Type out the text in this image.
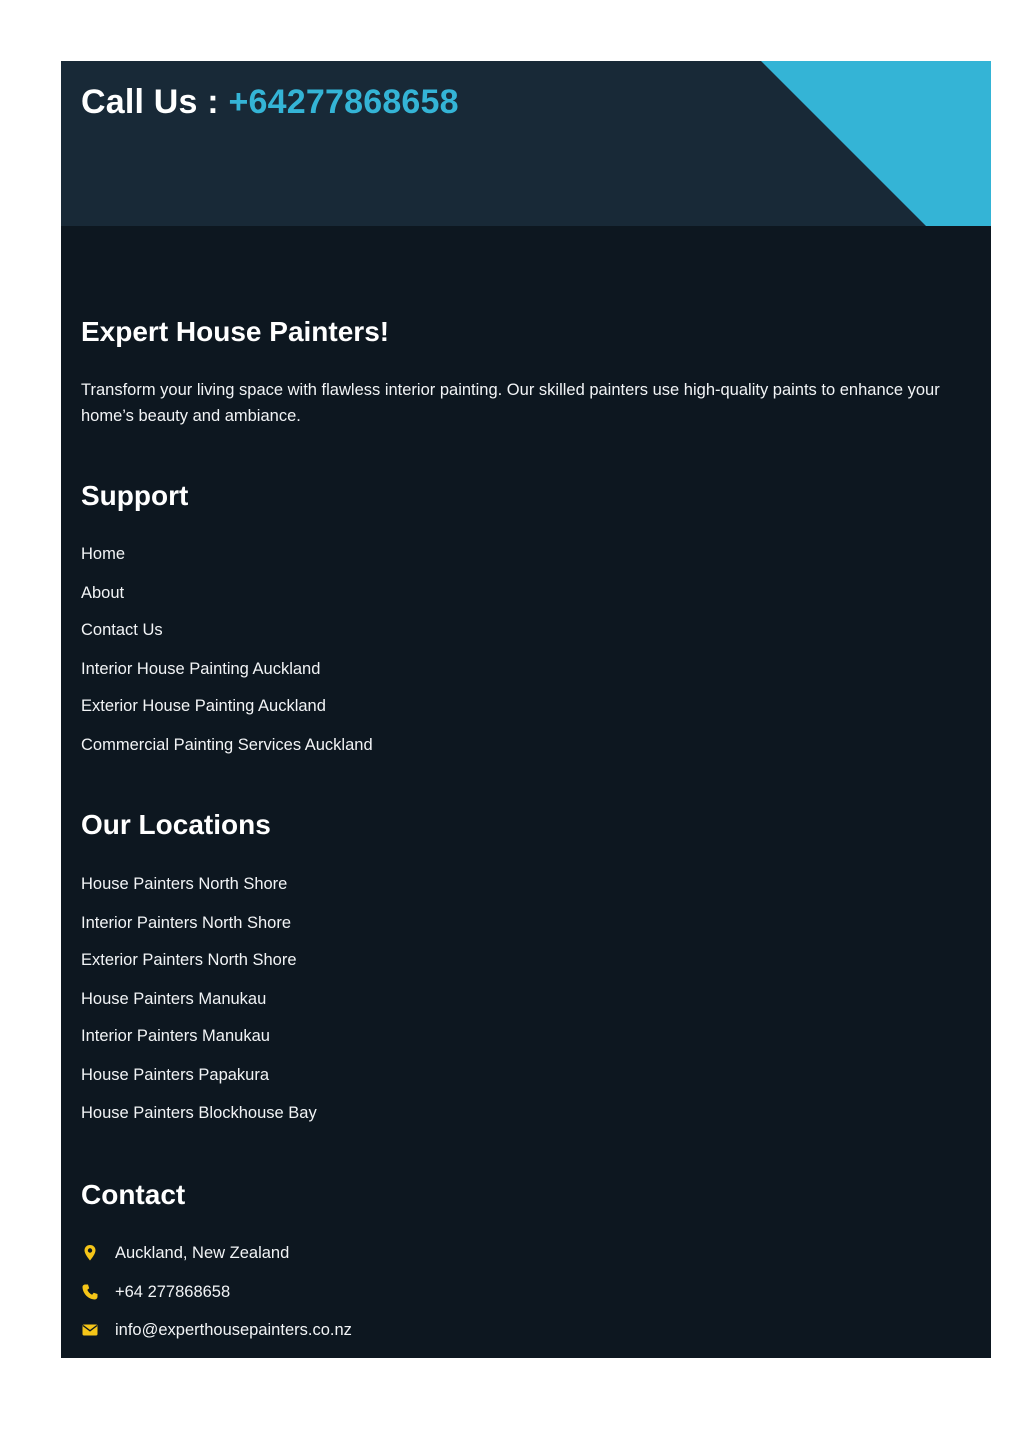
Call Us : +64277868658
Expert House Painters!
Transform your living space with flawless interior painting. Our skilled painters use high-quality paints to enhance your home’s beauty and ambiance.
Support
Home
About
Contact Us
Interior House Painting Auckland
Exterior House Painting Auckland
Commercial Painting Services Auckland
Our Locations
House Painters North Shore
Interior Painters North Shore
Exterior Painters North Shore
House Painters Manukau
Interior Painters Manukau
House Painters Papakura
House Painters Blockhouse Bay
Contact
Auckland, New Zealand
+64 277868658
info@experthousepainters.co.nz
